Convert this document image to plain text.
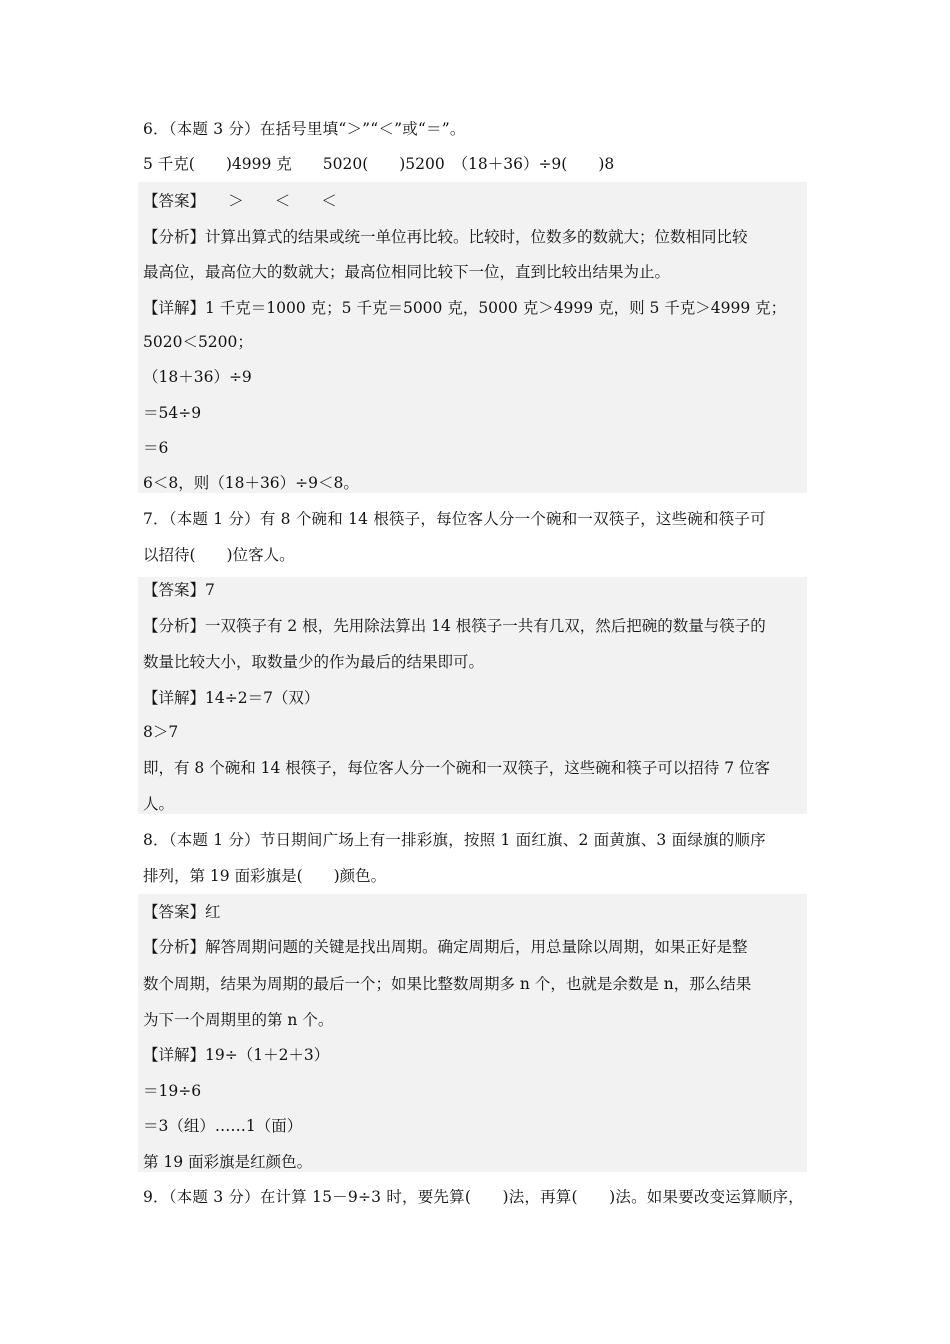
6．（本题 3 分）在括号里填“＞”“＜”或“＝”。
5 千克(　　)4999 克　　5020(　　)5200　（18＋36）÷9(　　)8
【答案】　　＞　　＜　　＜
【分析】计算出算式的结果或统一单位再比较。比较时，位数多的数就大；位数相同比较
最高位，最高位大的数就大；最高位相同比较下一位，直到比较出结果为止。
【详解】1 千克＝1000 克；5 千克＝5000 克，5000 克＞4999 克，则 5 千克＞4999 克；
5020＜5200；
（18＋36）÷9
＝54÷9
＝6
6＜8，则（18＋36）÷9＜8。
7．（本题 1 分）有 8 个碗和 14 根筷子，每位客人分一个碗和一双筷子，这些碗和筷子可
以招待(　　)位客人。
【答案】7
【分析】一双筷子有 2 根，先用除法算出 14 根筷子一共有几双，然后把碗的数量与筷子的
数量比较大小，取数量少的作为最后的结果即可。
【详解】14÷2＝7（双）
8＞7
即，有 8 个碗和 14 根筷子，每位客人分一个碗和一双筷子，这些碗和筷子可以招待 7 位客
人。
8．（本题 1 分）节日期间广场上有一排彩旗，按照 1 面红旗、2 面黄旗、3 面绿旗的顺序
排列，第 19 面彩旗是(　　)颜色。
【答案】红
【分析】解答周期问题的关键是找出周期。确定周期后，用总量除以周期，如果正好是整
数个周期，结果为周期的最后一个；如果比整数周期多 n 个，也就是余数是 n，那么结果
为下一个周期里的第 n 个。
【详解】19÷（1＋2＋3）
＝19÷6
＝3（组）……1（面）
第 19 面彩旗是红颜色。
9．（本题 3 分）在计算 15－9÷3 时，要先算(　　)法，再算(　　)法。如果要改变运算顺序，
